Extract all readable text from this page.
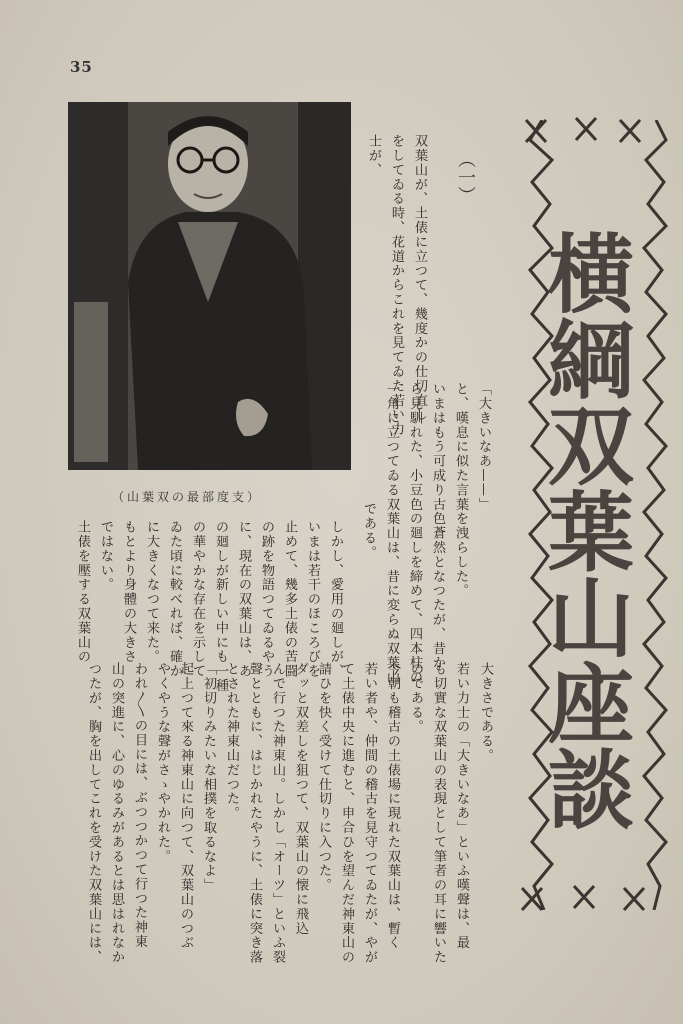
35
横綱双葉山座談
（一）
（山葉双の最部度支）
双葉山が、土俵に立つて、幾度かの仕切直し
をしてゐる時、花道からこれを見てゐた若い力
士が、
「大きいなあ——」
と、嘆息に似た言葉を洩らした。
いまはもう可成り古色蒼然となつたが、昔か
ら見馴れた、小豆色の廻しを締めて、四本柱の
一角に立つてゐる双葉山は、昔に変らぬ双葉山
である。
しかし、愛用の廻しが、
いまは若干のほころびを
止めて、幾多土俵の苦闘
の跡を物語つてゐるやう
に、現在の双葉山は、あ
の廻しが新しい中にも一種
の華やかな存在を示して
ゐた頃に較べれば、確か
に大きくなつて来た。
もとより身體の大きさ
ではない。
土俵を壓する双葉山の
大きさである。
若い力士の「大きいなあ」といふ嘆聲は、最
も切實な双葉山の表現として筆者の耳に響いた
のである。
今朝も稽古の土俵場に現れた双葉山は、暫く
若い者や、仲間の稽古を見守つてゐたが、やが
て土俵中央に進むと、申合ひを望んだ神東山の
請ひを快く受けて仕切りに入つた。
ダッと双差しを狙つて、双葉山の懐に飛込
んで行つた神東山。しかし「オーツ」といふ裂
聲とともに、はじかれたやうに、土俵に突き落
とされた神東山だつた。
「初切りみたいな相撲を取るなよ」
起上つて來る神東山に向つて、双葉山のつぶ
やくやうな聲がさゝやかれた。
われ〳〵の目には、ぶつつかつて行つた神東
山の突進に、心のゆるみがあるとは思はれなか
つたが、胸を出してこれを受けた双葉山には、
